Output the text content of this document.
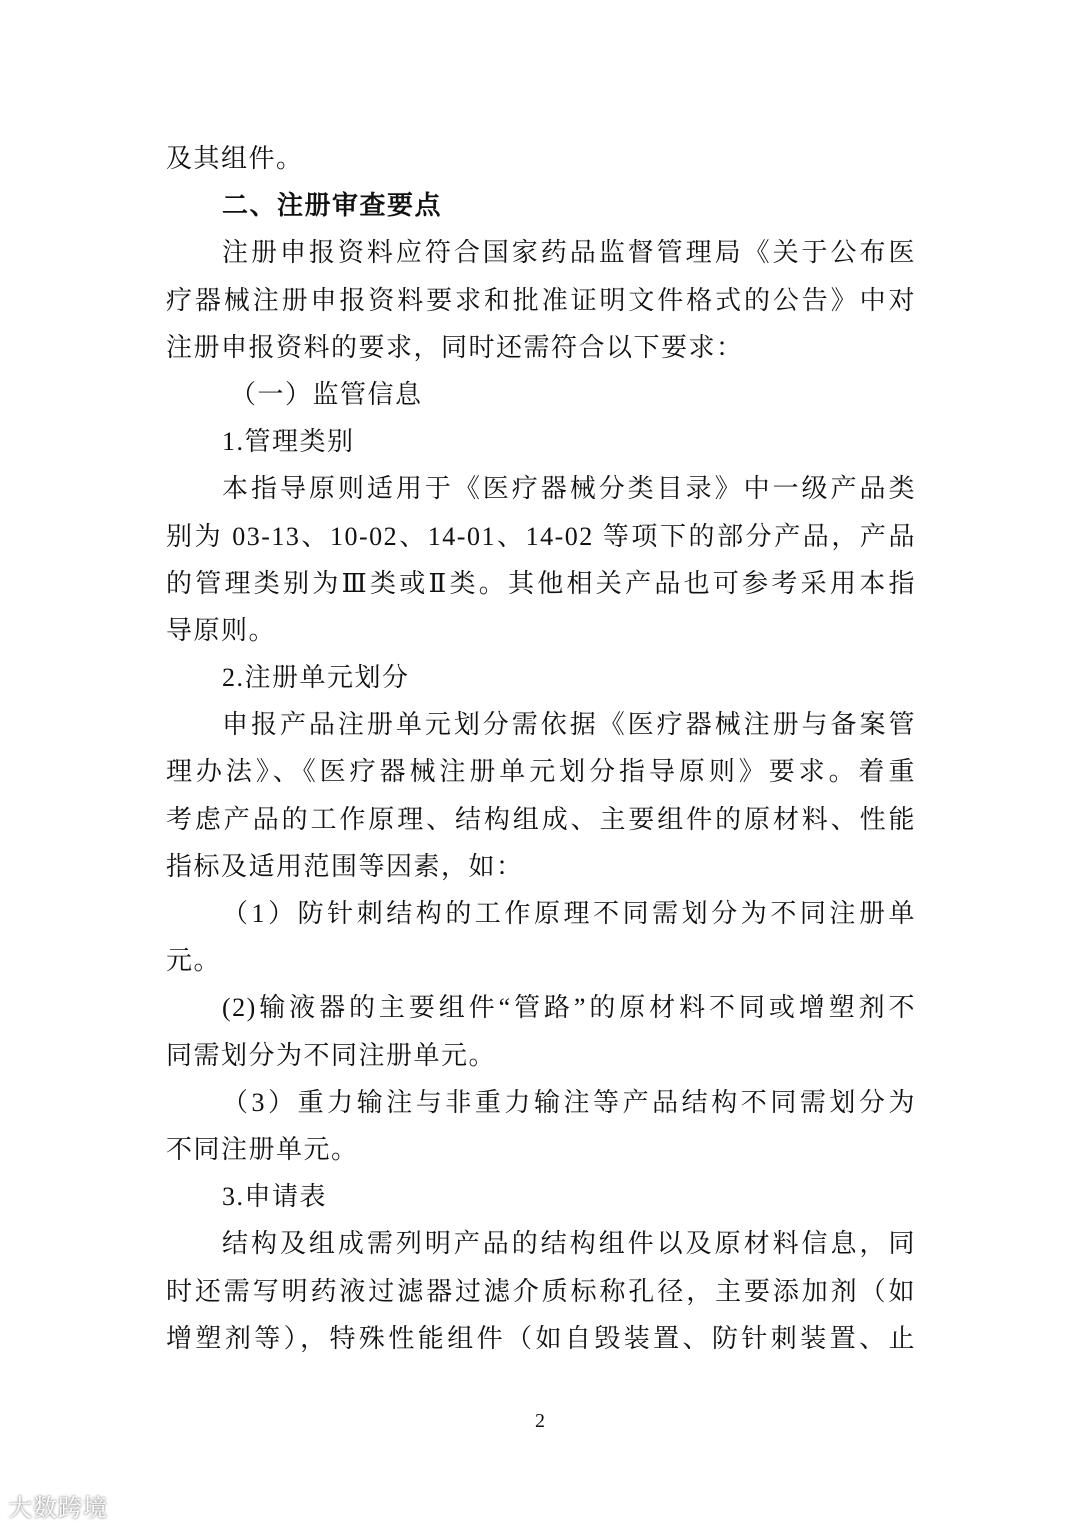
及其组件。
二、注册审查要点
注册申报资料应符合国家药品监督管理局《关于公布医
疗器械注册申报资料要求和批准证明文件格式的公告》中对
注册申报资料的要求，同时还需符合以下要求：
（一）监管信息
1.管理类别
本指导原则适用于《医疗器械分类目录》中一级产品类
别为 03-13、10-02、14-01、14-02 等项下的部分产品，产品
的管理类别为Ⅲ类或Ⅱ类。其他相关产品也可参考采用本指
导原则。
2.注册单元划分
申报产品注册单元划分需依据《医疗器械注册与备案管
理办法》、《医疗器械注册单元划分指导原则》要求。着重
考虑产品的工作原理、结构组成、主要组件的原材料、性能
指标及适用范围等因素，如：
（1）防针刺结构的工作原理不同需划分为不同注册单
元。
(2)输液器的主要组件“管路”的原材料不同或增塑剂不
同需划分为不同注册单元。
（3）重力输注与非重力输注等产品结构不同需划分为
不同注册单元。
3.申请表
结构及组成需列明产品的结构组件以及原材料信息，同
时还需写明药液过滤器过滤介质标称孔径，主要添加剂（如
增塑剂等），特殊性能组件（如自毁装置、防针刺装置、止
2
大数跨境
